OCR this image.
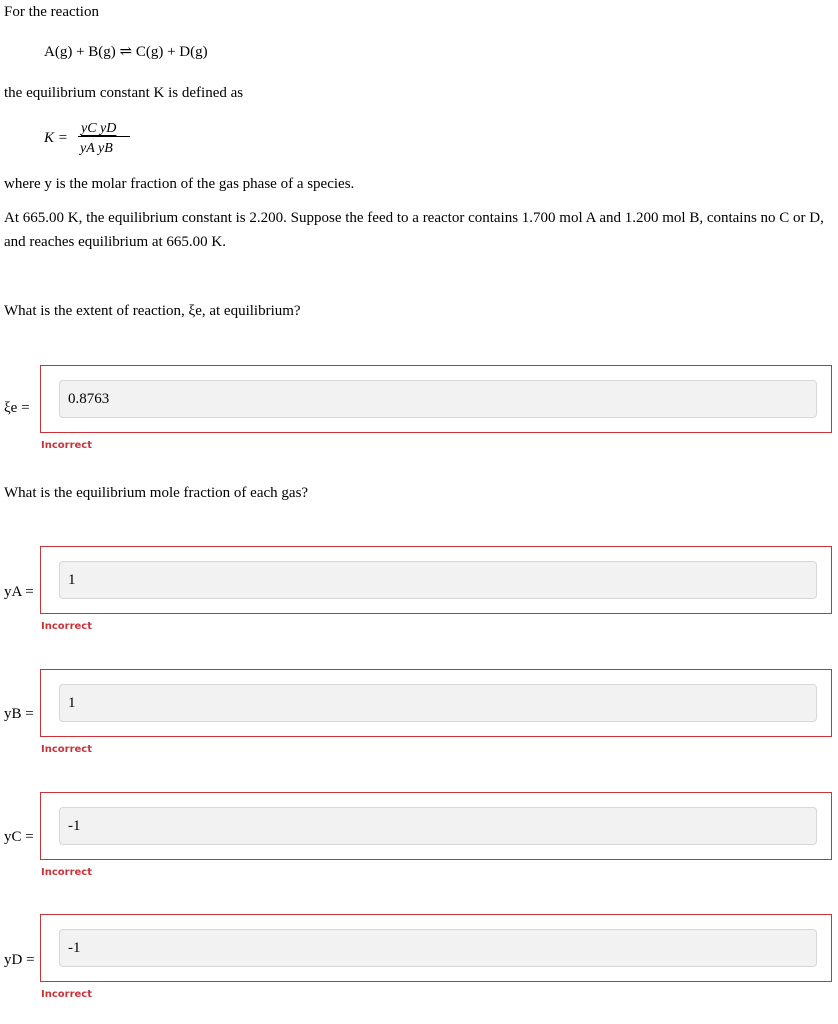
For the reaction
A(g) + B(g) ⇌ C(g) + D(g)
the equilibrium constant K is defined as
K =
yC yD
yA yB
where y is the molar fraction of the gas phase of a species.
At 665.00 K, the equilibrium constant is 2.200. Suppose the feed to a reactor contains 1.700 mol A and 1.200 mol B, contains no C or D, and reaches equilibrium at 665.00 K.
What is the extent of reaction, ξe, at equilibrium?
ξe =
0.8763
Incorrect
What is the equilibrium mole fraction of each gas?
yA =
1
Incorrect
yB =
1
Incorrect
yC =
-1
Incorrect
yD =
-1
Incorrect
